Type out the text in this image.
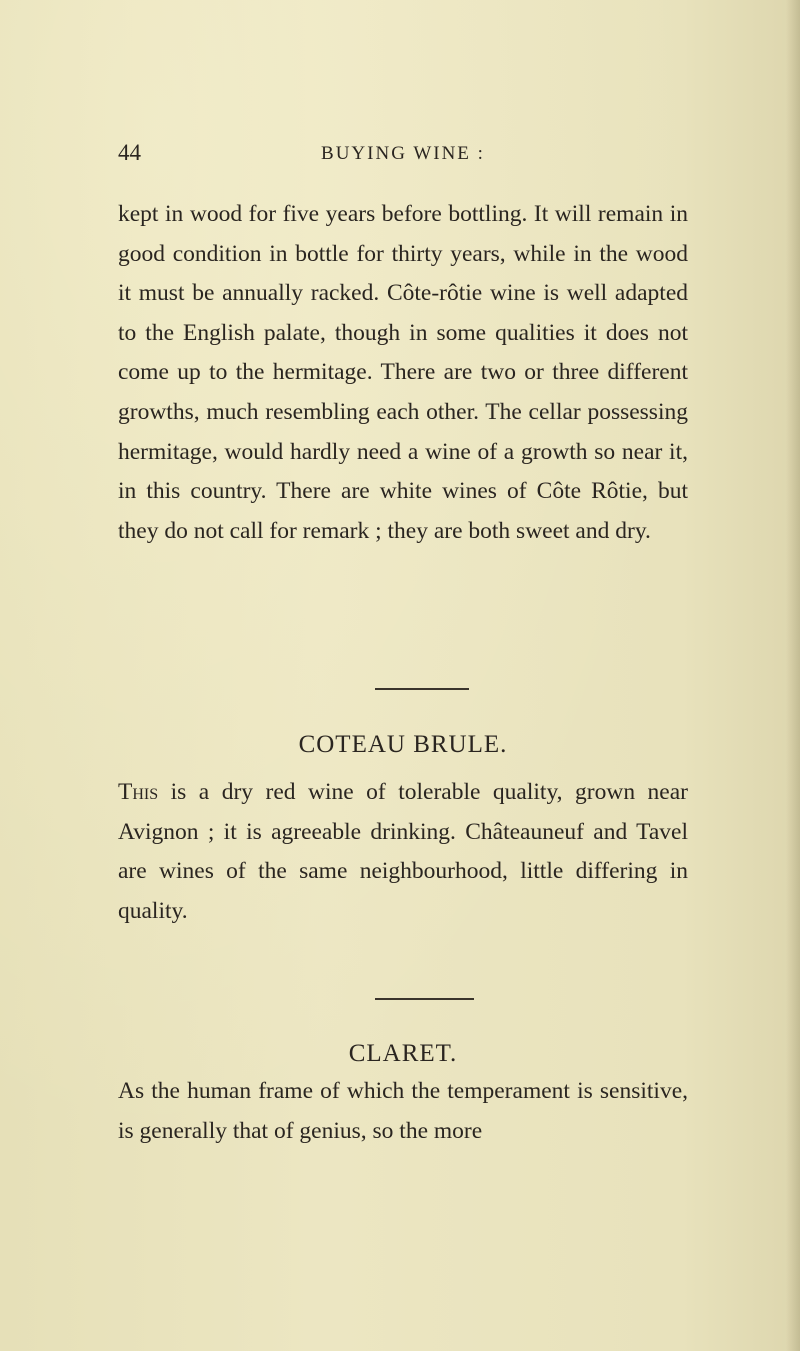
44	BUYING WINE :

kept in wood for five years before bottling. It will remain in good condition in bottle for thirty years, while in the wood it must be annually racked. Côte-rôtie wine is well adapted to the English palate, though in some qualities it does not come up to the hermitage. There are two or three different growths, much resembling each other. The cellar possessing hermitage, would hardly need a wine of a growth so near it, in this country. There are white wines of Côte Rôtie, but they do not call for remark ; they are both sweet and dry.

COTEAU BRULE.

This is a dry red wine of tolerable quality, grown near Avignon ; it is agreeable drinking. Châteauneuf and Tavel are wines of the same neighbourhood, little differing in quality.

CLARET.

As the human frame of which the temperament is sensitive, is generally that of genius, so the more
